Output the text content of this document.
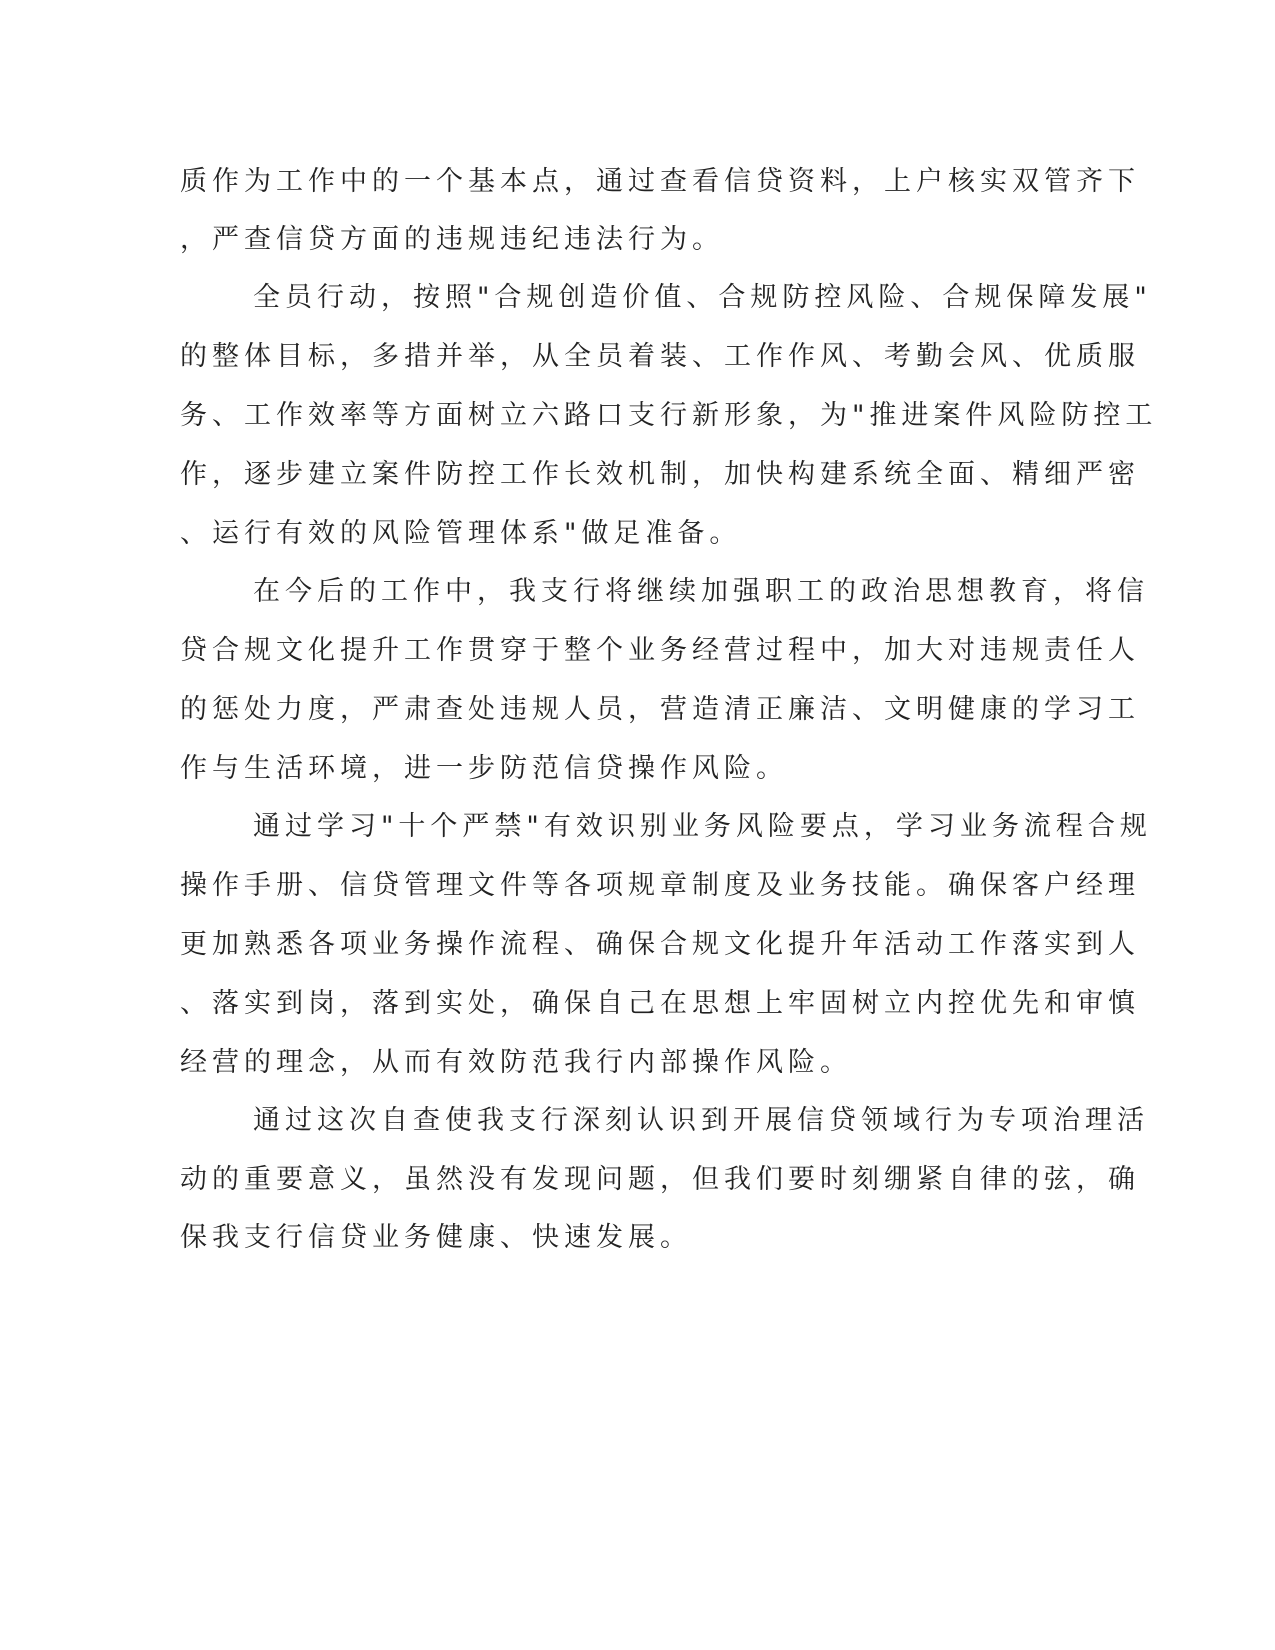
质作为工作中的一个基本点，通过查看信贷资料，上户核实双管齐下
，严查信贷方面的违规违纪违法行为。
全员行动，按照"合规创造价值、合规防控风险、合规保障发展"
的整体目标，多措并举，从全员着装、工作作风、考勤会风、优质服
务、工作效率等方面树立六路口支行新形象，为"推进案件风险防控工
作，逐步建立案件防控工作长效机制，加快构建系统全面、精细严密
、运行有效的风险管理体系"做足准备。
在今后的工作中，我支行将继续加强职工的政治思想教育，将信
贷合规文化提升工作贯穿于整个业务经营过程中，加大对违规责任人
的惩处力度，严肃查处违规人员，营造清正廉洁、文明健康的学习工
作与生活环境，进一步防范信贷操作风险。
通过学习"十个严禁"有效识别业务风险要点，学习业务流程合规
操作手册、信贷管理文件等各项规章制度及业务技能。确保客户经理
更加熟悉各项业务操作流程、确保合规文化提升年活动工作落实到人
、落实到岗，落到实处，确保自己在思想上牢固树立内控优先和审慎
经营的理念，从而有效防范我行内部操作风险。
通过这次自查使我支行深刻认识到开展信贷领域行为专项治理活
动的重要意义，虽然没有发现问题，但我们要时刻绷紧自律的弦，确
保我支行信贷业务健康、快速发展。
